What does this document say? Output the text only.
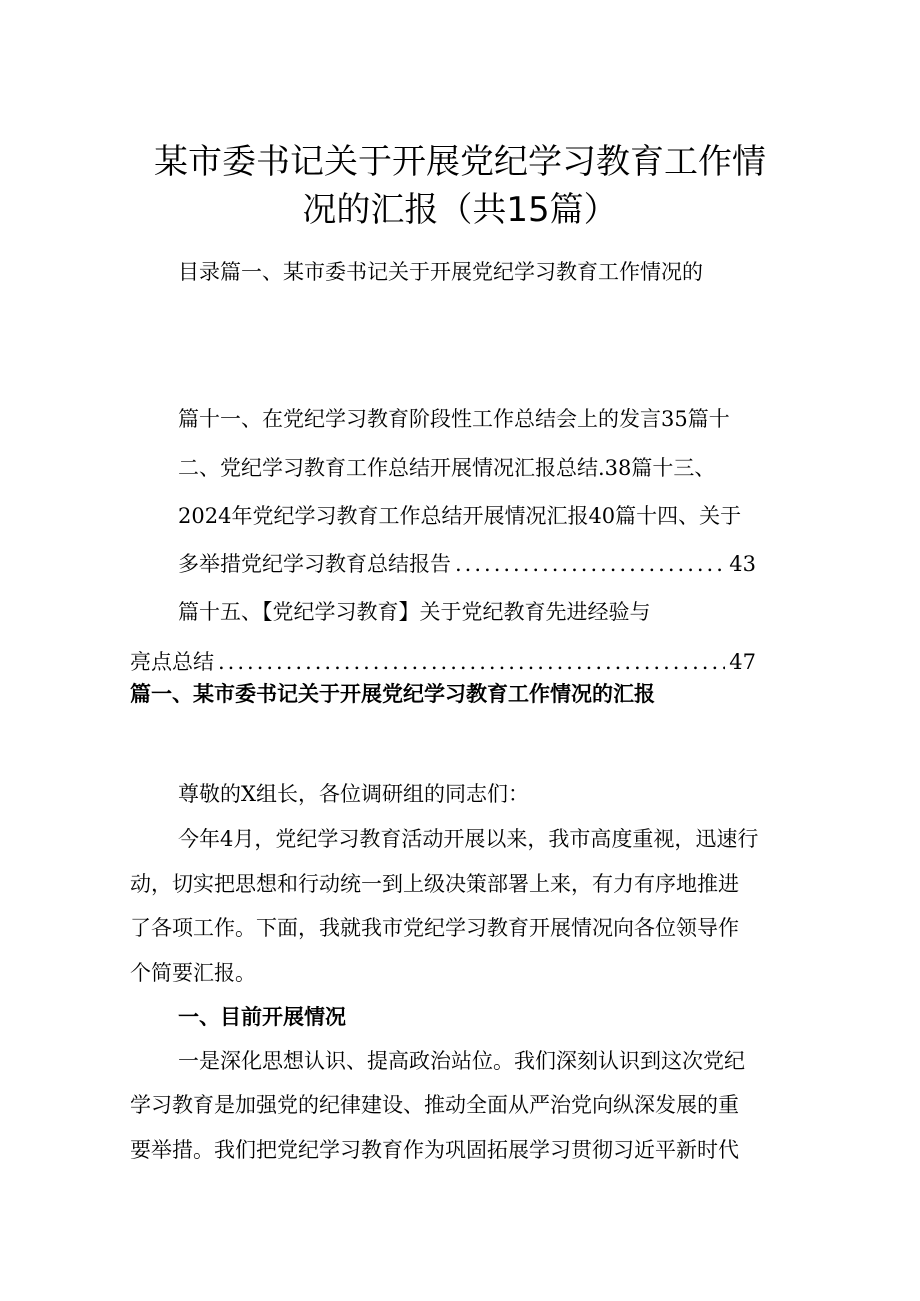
某市委书记关于开展党纪学习教育工作情
况的汇报（共15篇）
目录篇一、某市委书记关于开展党纪学习教育工作情况的
篇十一、在党纪学习教育阶段性工作总结会上的发言35篇十
二、党纪学习教育工作总结开展情况汇报总结.38篇十三、
2024年党纪学习教育工作总结开展情况汇报40篇十四、关于
多举措党纪学习教育总结报告 .....	43
篇十五、【党纪学习教育】关于党纪教育先进经验与
亮点总结 .....	47
篇一、某市委书记关于开展党纪学习教育工作情况的汇报
尊敬的X组长，各位调研组的同志们：
今年4月，党纪学习教育活动开展以来，我市高度重视，迅速行
动，切实把思想和行动统一到上级决策部署上来，有力有序地推进
了各项工作。下面，我就我市党纪学习教育开展情况向各位领导作
个简要汇报。
一、目前开展情况
一是深化思想认识、提高政治站位。我们深刻认识到这次党纪
学习教育是加强党的纪律建设、推动全面从严治党向纵深发展的重
要举措。我们把党纪学习教育作为巩固拓展学习贯彻习近平新时代
